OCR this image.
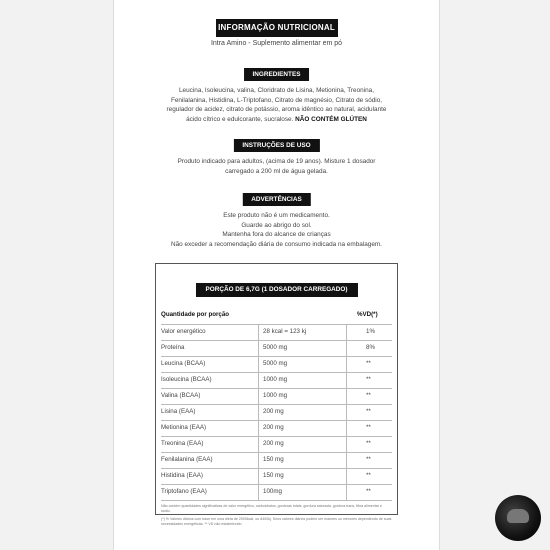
INFORMAÇÃO NUTRICIONAL
Intra Amino - Suplemento alimentar em pó
INGREDIENTES
Leucina, Isoleucina, valina, Cloridrato de Lisina, Metionina, Treonina,
Fenilalanina, Histidina, L-Triptofano, Citrato de magnésio, Citrato de sódio,
regulador de acidez, citrato de potássio, aroma idêntico ao natural, acidulante
ácido cítrico e edulcorante, sucralose. NÃO CONTÉM GLÚTEN
INSTRUÇÕES DE USO
Produto indicado para adultos, (acima de 19 anos). Misture 1 dosador
carregado a 200 ml de água gelada.
ADVERTÊNCIAS
Este produto não é um medicamento.
Guarde ao abrigo do sol.
Mantenha fora do alcance de crianças
Não exceder a recomendação diária de consumo indicada na embalagem.
PORÇÃO DE 6,7G (1 DOSADOR CARREGADO)
Quantidade por porção	%VD(*)
Valor energético	28 kcal = 123 kj	1%
Proteína	5000 mg	8%
Leucina (BCAA)	5000 mg	**
Isoleucina (BCAA)	1000 mg	**
Valina (BCAA)	1000 mg	**
Lisina (EAA)	200 mg	**
Metionina (EAA)	200 mg	**
Treonina (EAA)	200 mg	**
Fenilalanina (EAA)	150 mg	**
Histidina (EAA)	150 mg	**
Triptofano (EAA)	100mg	**
Não contém quantidades significativas de valor energético, carboidratos, gorduras totais, gordura saturada, gordura trans, fibra alimentar e sódio.
(*) % Valores diários com base em uma dieta de 2000kcal, ou 8400kj. Seus valores diários podem ser maiores ou menores dependendo de suas necessidades energéticas. ** VD não estabelecido
